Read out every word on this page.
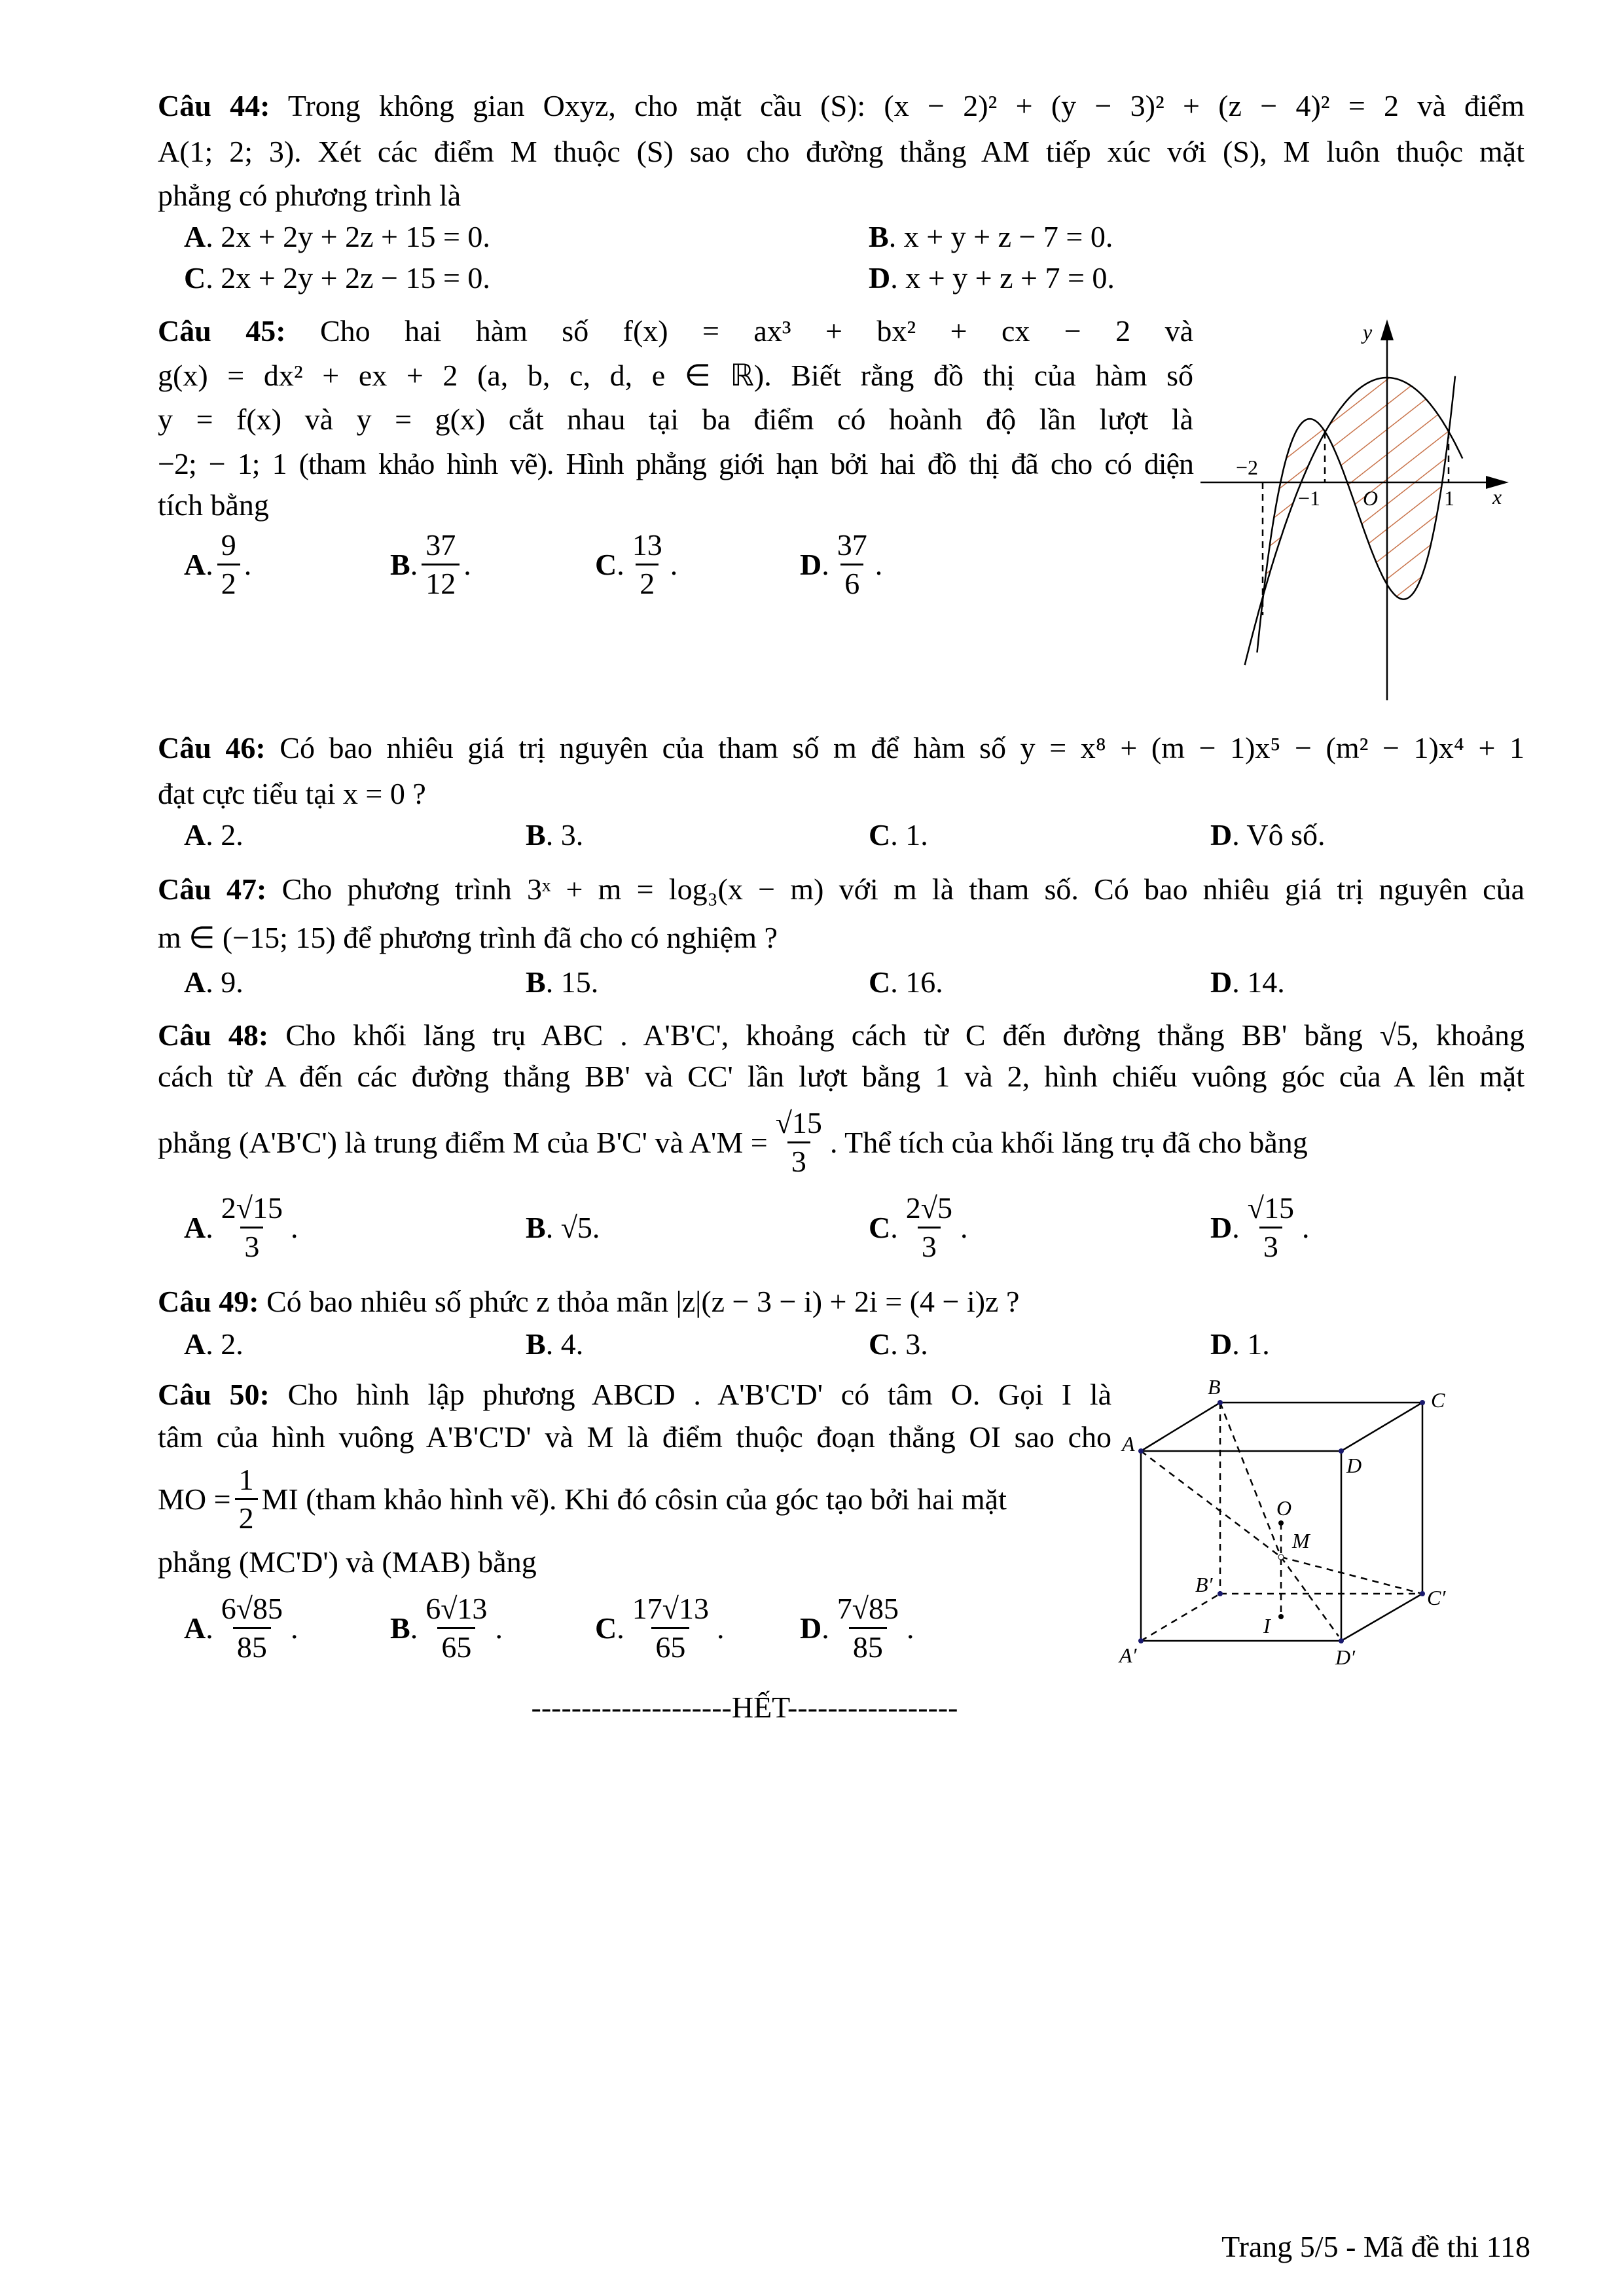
Câu 44: Trong không gian Oxyz, cho mặt cầu (S): (x − 2)² + (y − 3)² + (z − 4)² = 2 và điểm
A(1; 2; 3). Xét các điểm M thuộc (S) sao cho đường thẳng AM tiếp xúc với (S), M luôn thuộc mặt
phẳng có phương trình là
A. 2x + 2y + 2z + 15 = 0.	B. x + y + z − 7 = 0.
C. 2x + 2y + 2z − 15 = 0.	D. x + y + z + 7 = 0.
Câu 45: Cho hai hàm số f(x) = ax³ + bx² + cx − 2 và
g(x) = dx² + ex + 2 (a, b, c, d, e ∈ ℝ). Biết rằng đồ thị của hàm số
y = f(x) và y = g(x) cắt nhau tại ba điểm có hoành độ lần lượt là
−2; − 1; 1 (tham khảo hình vẽ). Hình phẳng giới hạn bởi hai đồ thị đã cho có diện
tích bằng
A . $\frac{9}{2}$ .	B . $\frac{37}{12}$ .	C . $\frac{13}{2}$ .	D . $\frac{37}{6}$ .
y
x
−2
−1 O	1
Câu 46: Có bao nhiêu giá trị nguyên của tham số m để hàm số y = x⁸ + (m − 1)x⁵ − (m² − 1)x⁴ + 1
đạt cực tiểu tại x = 0 ?
A. 2.	B. 3.	C. 1.	D. Vô số.
Câu 47: Cho phương trình 3ˣ + m = log₃(x − m) với m là tham số. Có bao nhiêu giá trị nguyên của
m ∈ (−15; 15) để phương trình đã cho có nghiệm ?
A. 9.	B. 15.	C. 16.	D. 14.
Câu 48: Cho khối lăng trụ ABC . A'B'C', khoảng cách từ C đến đường thẳng BB' bằng √5, khoảng
cách từ A đến các đường thẳng BB' và CC' lần lượt bằng 1 và 2, hình chiếu vuông góc của A lên mặt
phẳng (A'B'C') là trung điểm M của B'C' và $A'M = \frac{√15}{3}$ . Thể tích của khối lăng trụ đã cho bằng
A . $\frac{2√15}{3}$ .	B . √5.	C . $\frac{2√5}{3}$ .	D . $\frac{√15}{3}$ .
Câu 49: Có bao nhiêu số phức z thỏa mãn |z|(z − 3 − i) + 2i = (4 − i)z ?
A. 2.	B. 4.	C. 3.	D. 1.
Câu 50: Cho hình lập phương ABCD . A'B'C'D' có tâm O. Gọi I là
tâm của hình vuông A'B'C'D' và M là điểm thuộc đoạn thẳng OI sao cho
MO = $\frac{1}{2}$ MI (tham khảo hình vẽ). Khi đó côsin của góc tạo bởi hai mặt
phẳng (MC'D') và (MAB) bằng
A . $\frac{6√85}{85}$ .	B . $\frac{6√13}{65}$ .	C . $\frac{17√13}{65}$ .	D . $\frac{7√85}{85}$ .
B
C
A
D
B′
C′
A′	D′
O
M
I
--------------------HẾT-----------------
Trang 5/5 - Mã đề thi 118
